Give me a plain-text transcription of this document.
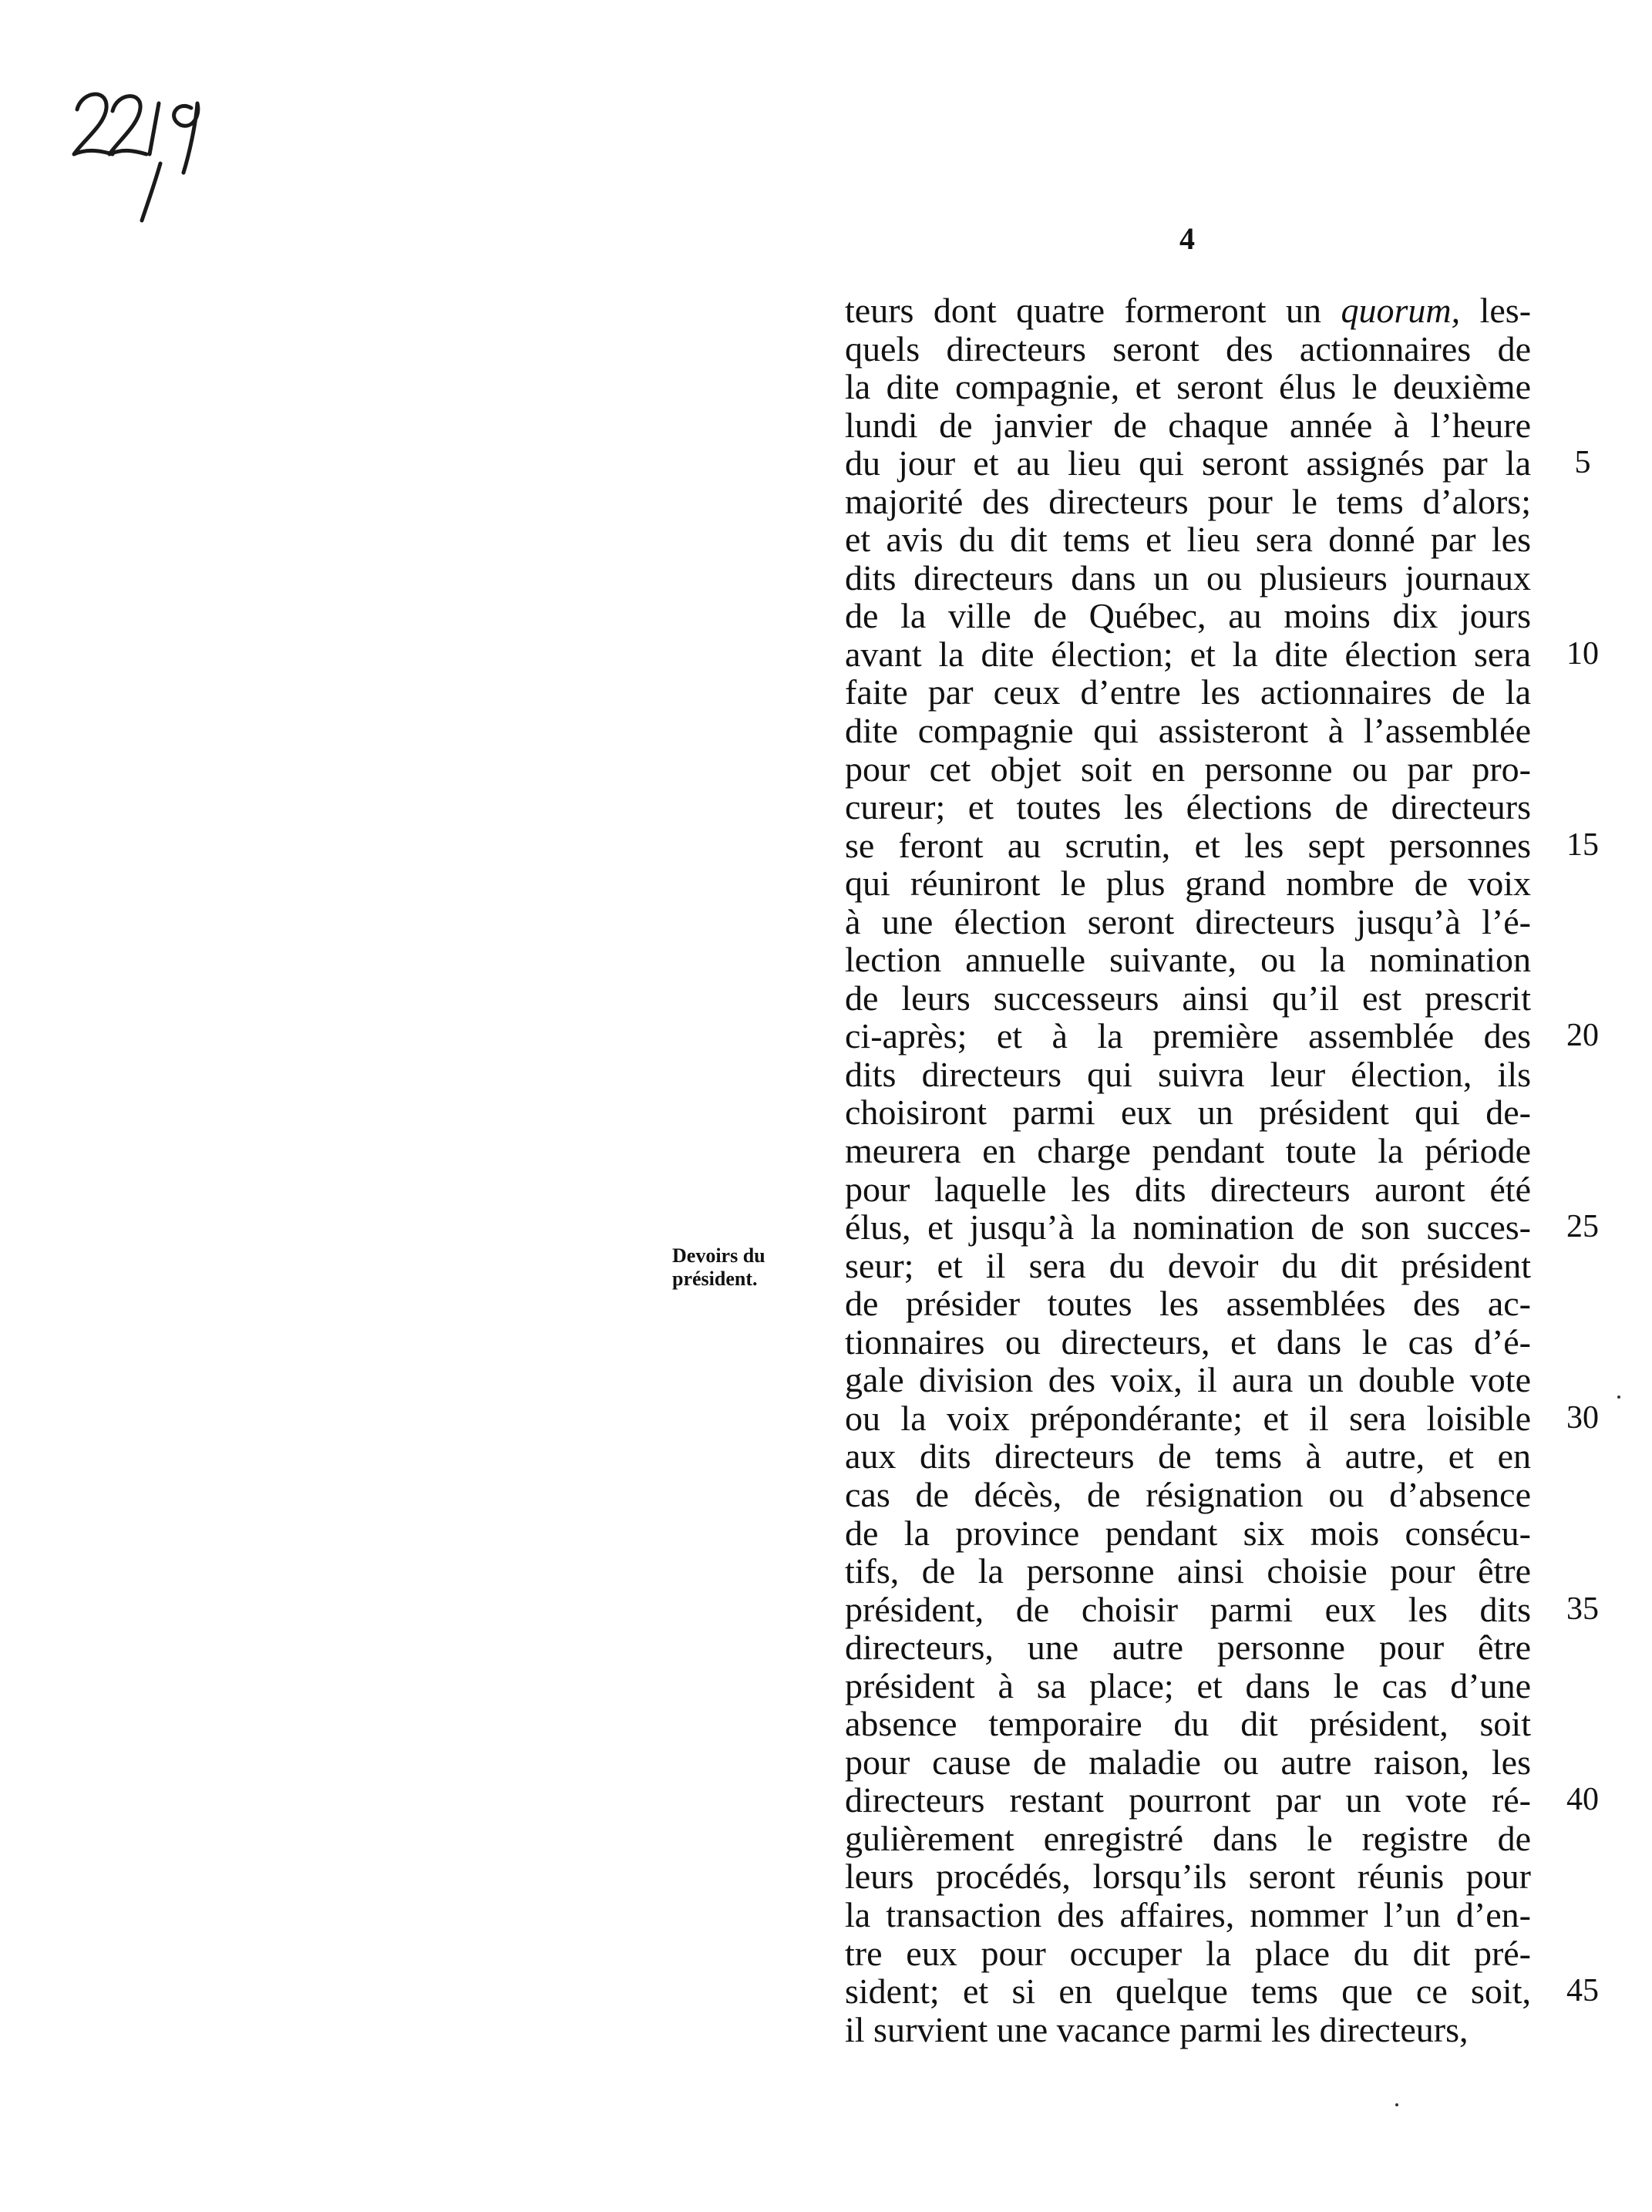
4
Devoirs du
président.
teurs dont quatre formeront un quorum, les-
quels directeurs seront des actionnaires de
la dite compagnie, et seront élus le deuxième
lundi de janvier de chaque année à l’heure
du jour et au lieu qui seront assignés par la
majorité des directeurs pour le tems d’alors;
et avis du dit tems et lieu sera donné par les
dits directeurs dans un ou plusieurs journaux
de la ville de Québec, au moins dix jours
avant la dite élection; et la dite élection sera
faite par ceux d’entre les actionnaires de la
dite compagnie qui assisteront à l’assemblée
pour cet objet soit en personne ou par pro-
cureur; et toutes les élections de directeurs
se feront au scrutin, et les sept personnes
qui réuniront le plus grand nombre de voix
à une élection seront directeurs jusqu’à l’é-
lection annuelle suivante, ou la nomination
de leurs successeurs ainsi qu’il est prescrit
ci-après; et à la première assemblée des
dits directeurs qui suivra leur élection, ils
choisiront parmi eux un président qui de-
meurera en charge pendant toute la période
pour laquelle les dits directeurs auront été
élus, et jusqu’à la nomination de son succes-
seur; et il sera du devoir du dit président
de présider toutes les assemblées des ac-
tionnaires ou directeurs, et dans le cas d’é-
gale division des voix, il aura un double vote
ou la voix prépondérante; et il sera loisible
aux dits directeurs de tems à autre, et en
cas de décès, de résignation ou d’absence
de la province pendant six mois consécu-
tifs, de la personne ainsi choisie pour être
président, de choisir parmi eux les dits
directeurs, une autre personne pour être
président à sa place; et dans le cas d’une
absence temporaire du dit président, soit
pour cause de maladie ou autre raison, les
directeurs restant pourront par un vote ré-
gulièrement enregistré dans le registre de
leurs procédés, lorsqu’ils seront réunis pour
la transaction des affaires, nommer l’un d’en-
tre eux pour occuper la place du dit pré-
sident; et si en quelque tems que ce soit,
il survient une vacance parmi les directeurs,
5
10
15
20
25
30
35
40
45
